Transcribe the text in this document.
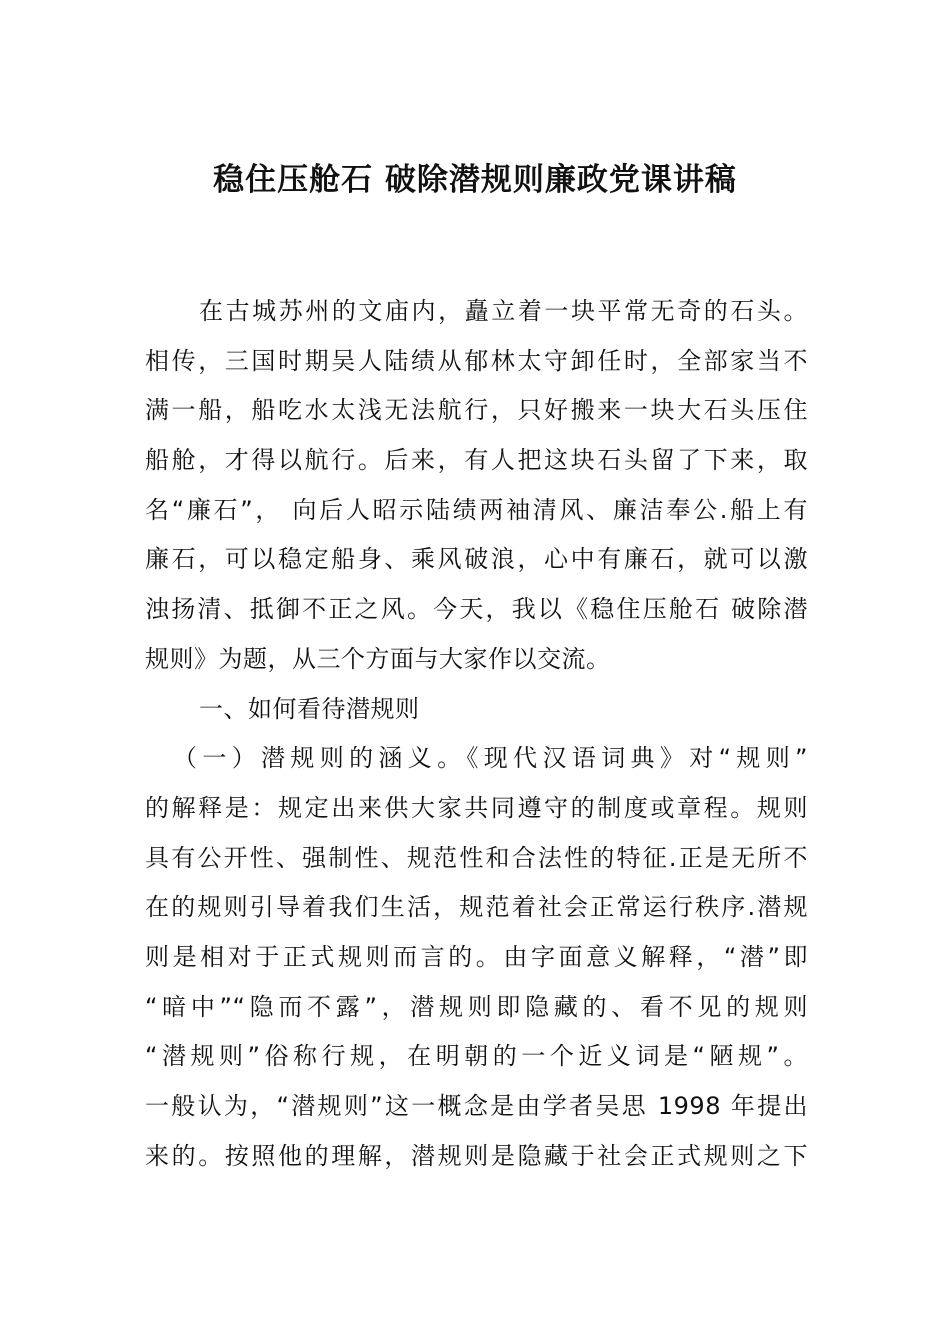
稳住压舱石 破除潜规则廉政党课讲稿
在古城苏州的文庙内，矗立着一块平常无奇的石头。
相传，三国时期吴人陆绩从郁林太守卸任时，全部家当不
满一船，船吃水太浅无法航行，只好搬来一块大石头压住
船舱，才得以航行。后来，有人把这块石头留了下来，取
名“廉石”， 向后人昭示陆绩两袖清风、廉洁奉公.船上有
廉石，可以稳定船身、乘风破浪，心中有廉石，就可以激
浊扬清、抵御不正之风。今天，我以《稳住压舱石 破除潜
规则》为题，从三个方面与大家作以交流。
一、如何看待潜规则
（一）潜规则的涵义。《现代汉语词典》对“规则”
的解释是：规定出来供大家共同遵守的制度或章程。规则
具有公开性、强制性、规范性和合法性的特征.正是无所不
在的规则引导着我们生活，规范着社会正常运行秩序.潜规
则是相对于正式规则而言的。由字面意义解释，“潜”即
“暗中”“隐而不露”，潜规则即隐藏的、看不见的规则
“潜规则”俗称行规，在明朝的一个近义词是“陋规”。
一般认为，“潜规则”这一概念是由学者吴思 1998 年提出
来的。按照他的理解，潜规则是隐藏于社会正式规则之下
